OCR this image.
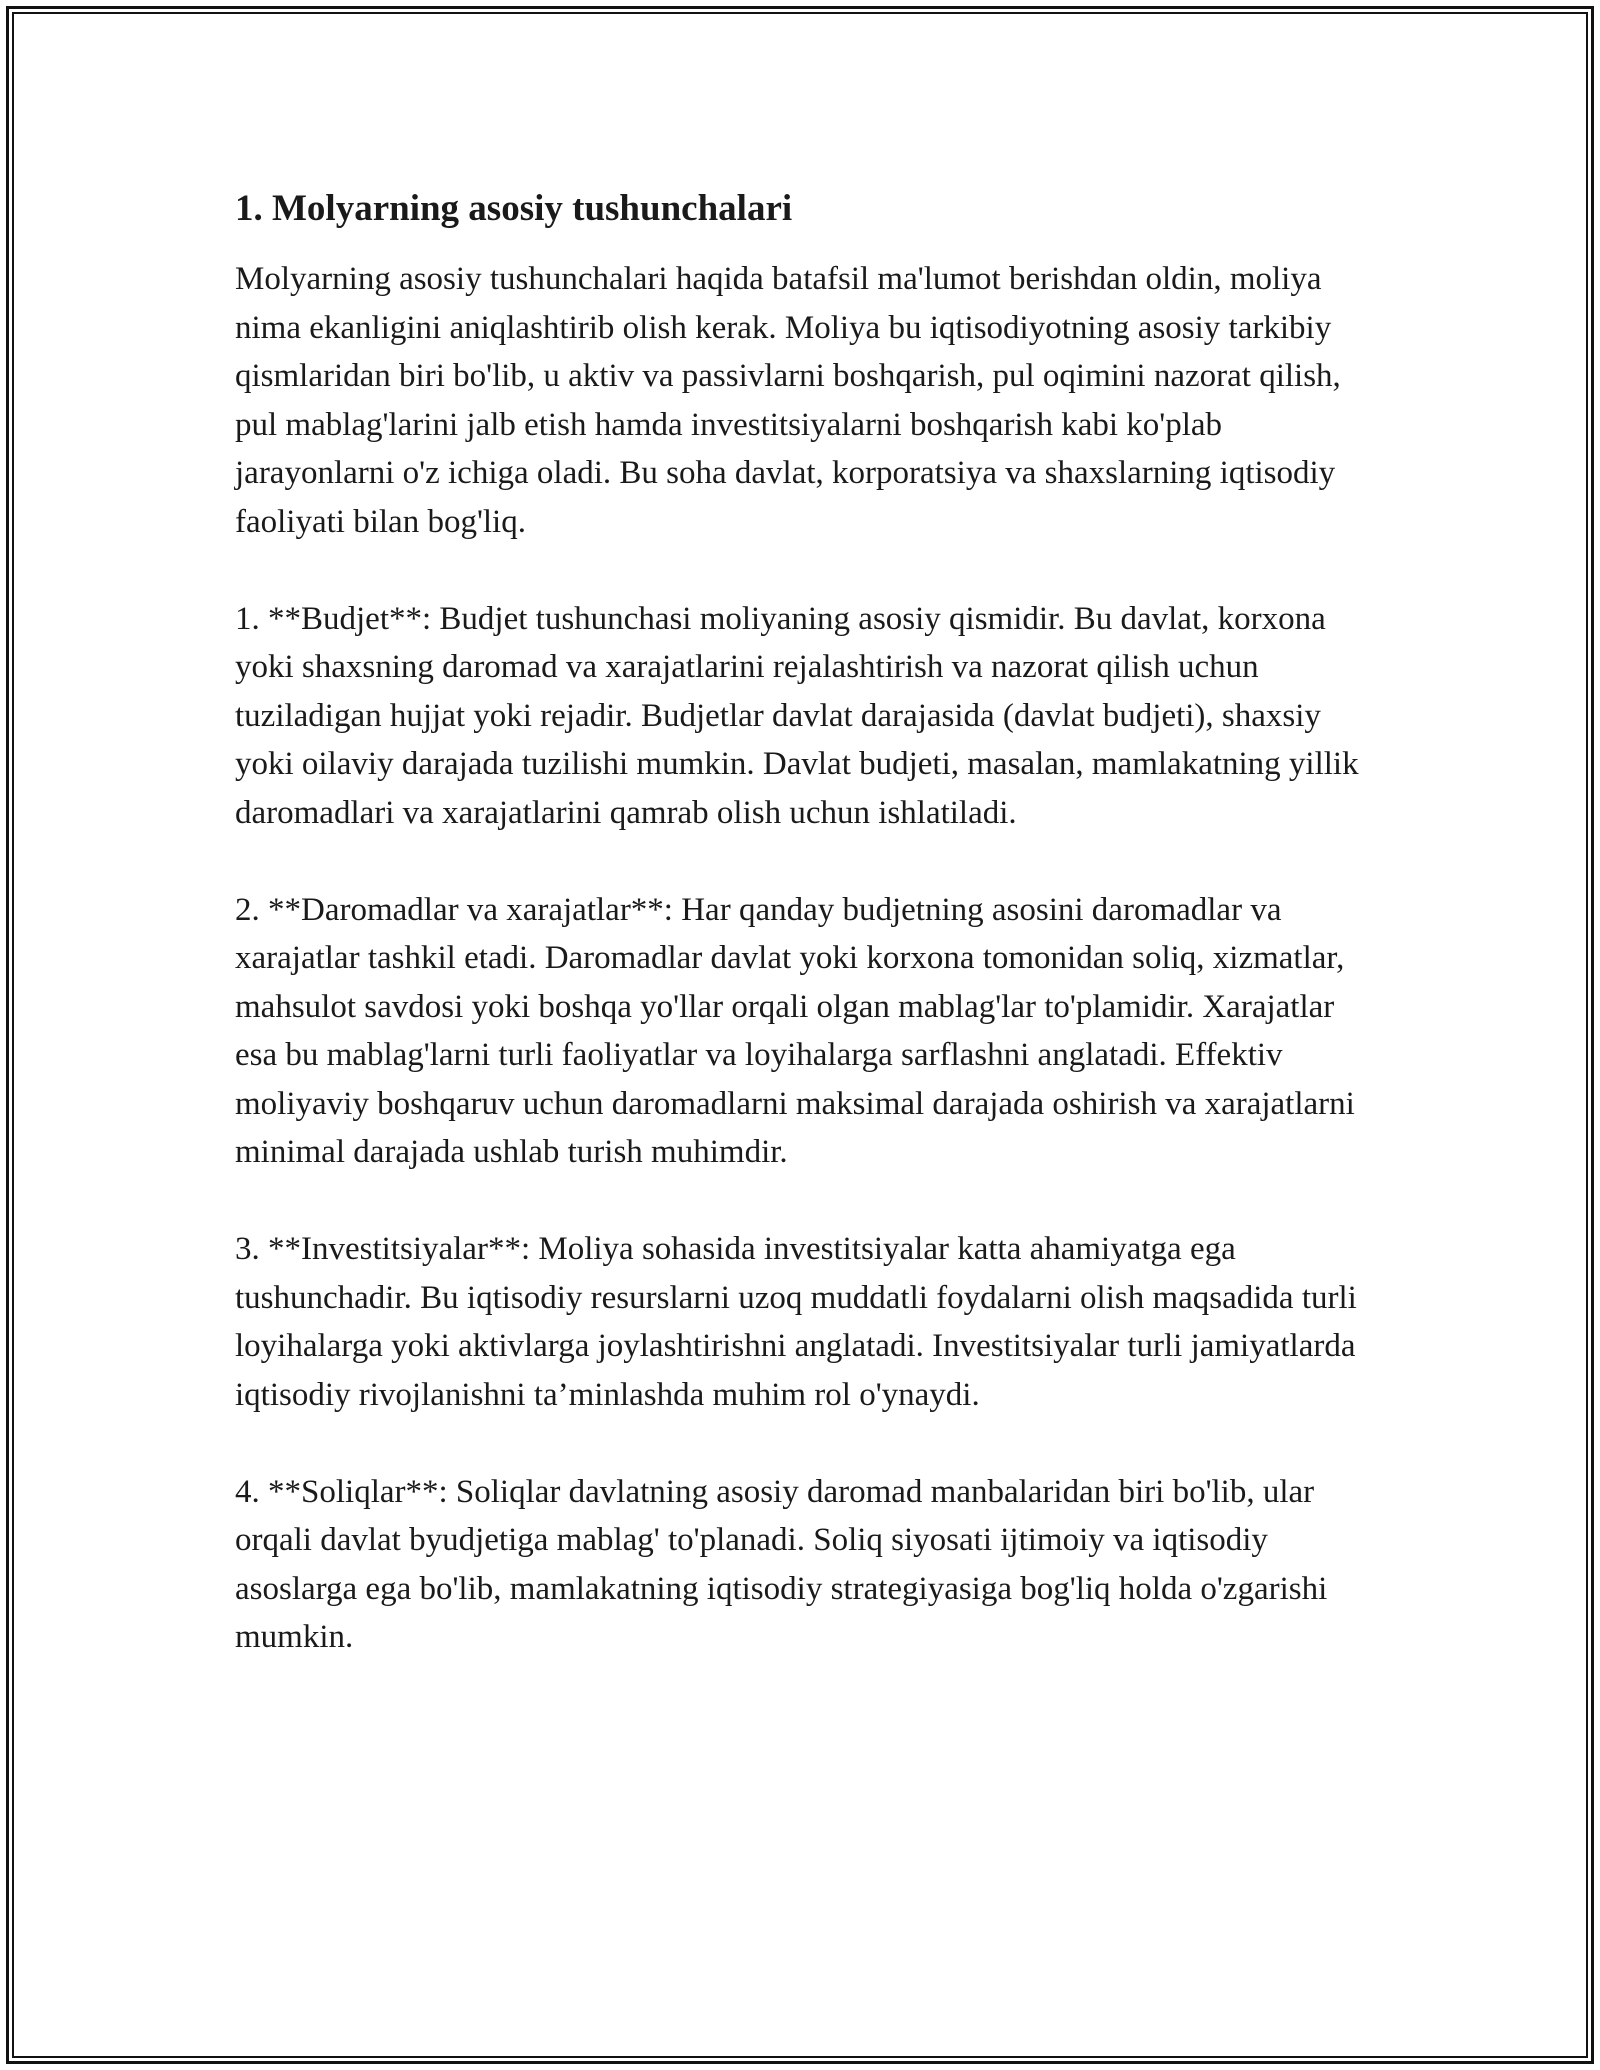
1. Molyarning asosiy tushunchalari

Molyarning asosiy tushunchalari haqida batafsil ma'lumot berishdan oldin, moliya nima ekanligini aniqlashtirib olish kerak. Moliya bu iqtisodiyotning asosiy tarkibiy qismlaridan biri bo'lib, u aktiv va passivlarni boshqarish, pul oqimini nazorat qilish, pul mablag'larini jalb etish hamda investitsiyalarni boshqarish kabi ko'plab jarayonlarni o'z ichiga oladi. Bu soha davlat, korporatsiya va shaxslarning iqtisodiy faoliyati bilan bog'liq.

1. **Budjet**: Budjet tushunchasi moliyaning asosiy qismidir. Bu davlat, korxona yoki shaxsning daromad va xarajatlarini rejalashtirish va nazorat qilish uchun tuziladigan hujjat yoki rejadir. Budjetlar davlat darajasida (davlat budjeti), shaxsiy yoki oilaviy darajada tuzilishi mumkin. Davlat budjeti, masalan, mamlakatning yillik daromadlari va xarajatlarini qamrab olish uchun ishlatiladi.

2. **Daromadlar va xarajatlar**: Har qanday budjetning asosini daromadlar va xarajatlar tashkil etadi. Daromadlar davlat yoki korxona tomonidan soliq, xizmatlar, mahsulot savdosi yoki boshqa yo'llar orqali olgan mablag'lar to'plamidir. Xarajatlar esa bu mablag'larni turli faoliyatlar va loyihalarga sarflashni anglatadi. Effektiv moliyaviy boshqaruv uchun daromadlarni maksimal darajada oshirish va xarajatlarni minimal darajada ushlab turish muhimdir.

3. **Investitsiyalar**: Moliya sohasida investitsiyalar katta ahamiyatga ega tushunchadir. Bu iqtisodiy resurslarni uzoq muddatli foydalarni olish maqsadida turli loyihalarga yoki aktivlarga joylashtirishni anglatadi. Investitsiyalar turli jamiyatlarda iqtisodiy rivojlanishni ta’minlashda muhim rol o'ynaydi.

4. **Soliqlar**: Soliqlar davlatning asosiy daromad manbalaridan biri bo'lib, ular orqali davlat byudjetiga mablag' to'planadi. Soliq siyosati ijtimoiy va iqtisodiy asoslarga ega bo'lib, mamlakatning iqtisodiy strategiyasiga bog'liq holda o'zgarishi mumkin.
